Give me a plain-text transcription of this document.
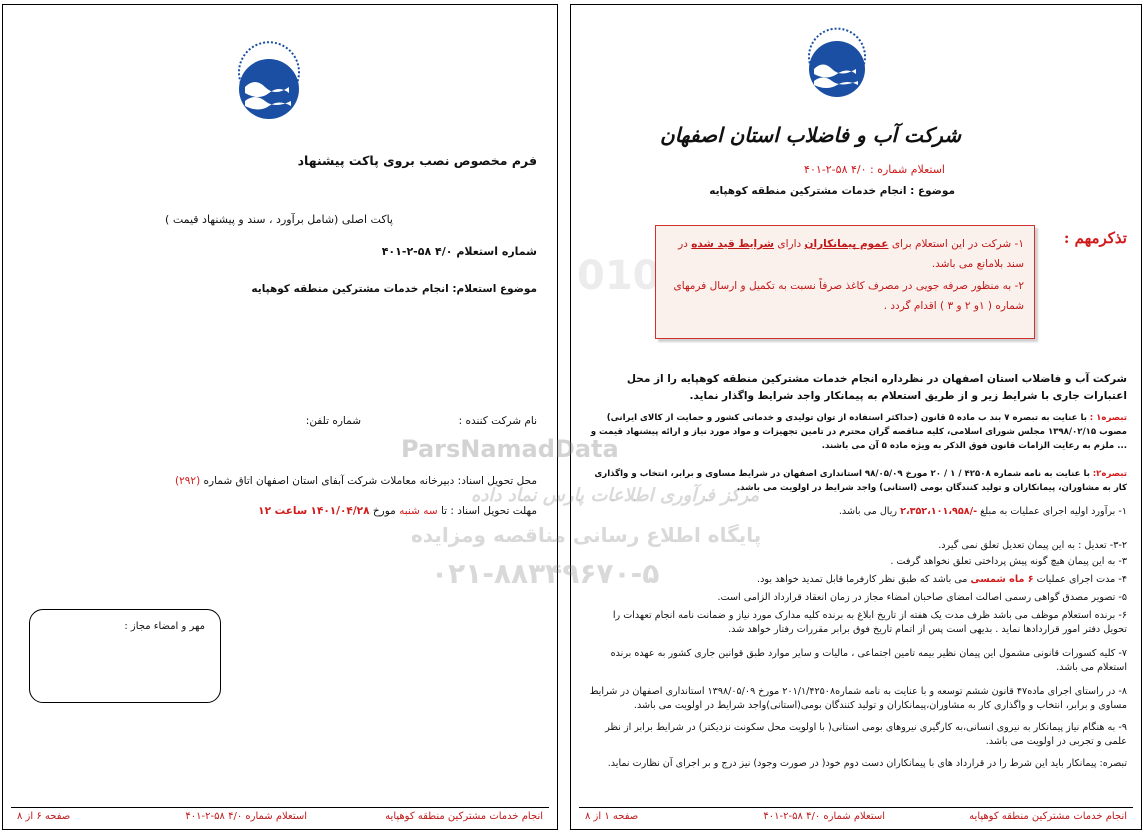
فرم مخصوص نصب بروی پاکت پیشنهاد
پاکت اصلی (شامل برآورد ، سند و پیشنهاد قیمت )
شماره استعلام ۴/۰ ۵۸-۲-۴۰۱
موضوع استعلام: انجام خدمات مشترکین منطقه کوهپایه
نام شرکت کننده :
شماره تلفن:
محل تحویل اسناد: دبیرخانه معاملات شرکت آبفای استان اصفهان اتاق شماره (۲۹۲)
مهلت تحویل اسناد : تا سه شنبه مورخ ۱۴۰۱/۰۴/۲۸ ساعت ۱۲
مهر و امضاء مجاز :
انجام خدمات مشترکین منطقه کوهپایه
استعلام شماره ۴/۰ ۵۸-۲-۴۰۱
صفحه ۶ از ۸
شرکت آب و فاضلاب استان اصفهان
استعلام شماره : ۴/۰ ۵۸-۲-۴۰۱
موضوع : انجام خدمات مشترکین منطقه کوهپایه
ParsNamadData
مرکز فرآوری اطلاعات پارس نماد داده
پایگاه اطلاع رسانی مناقصه ومزایده
۰۲۱-۸۸۳۴۹۶۷۰-۵
تذکرمهم :
۱- شرکت در این استعلام برای عموم پیمانکاران دارای شرایط قید شده در سند بلامانع می باشد.
۲- به منظور صرفه جویی در مصرف کاغذ صرفاً نسبت به تکمیل و ارسال فرمهای شماره ( ۱و ۲ و ۳ ) اقدام گردد .
شرکت آب و فاضلاب استان اصفهان در نظرداره انجام خدمات مشترکین منطقه کوهپایه را از محل اعتبارات جاری با شرایط زیر و از طریق استعلام به پیمانکار واجد شرایط واگذار نماید.
تبصره۱ : با عنایت به تبصره ۷ بند ب ماده ۵ قانون (حداکثر استفاده از توان تولیدی و خدماتی کشور و حمایت از کالای ایرانی) مصوب ۱۳۹۸/۰۲/۱۵ مجلس شورای اسلامی، کلیه مناقصه گران محترم در تامین تجهیزات و مواد مورد نیاز و ارائه پیشنهاد قیمت و ... ملزم به رعایت الزامات قانون فوق الذکر به ویژه ماده ۵ آن می باشند.
تبصره۲: با عنایت به نامه شماره ۴۲۵۰۸ / ۱ / ۲۰ مورخ ۹۸/۰۵/۰۹ استانداری اصفهان در شرایط مساوی و برابر، انتخاب و واگذاری کار به مشاوران، پیمانکاران و تولید کنندگان بومی (استانی) واجد شرایط در اولویت می باشد.
۱- برآورد اولیه اجرای عملیات به مبلغ -/۲،۳۵۲،۱۰۱،۹۵۸ ریال می باشد.
۳-۲- تعدیل : به این پیمان تعدیل تعلق نمی گیرد.
۳- به این پیمان هیچ گونه پیش پرداختی تعلق نخواهد گرفت .
۴- مدت اجرای عملیات ۶ ماه شمسی می باشد که طبق نظر کارفرما قابل تمدید خواهد بود.
۵- تصویر مصدق گواهی رسمی اصالت امضای صاحبان امضاء مجاز در زمان انعقاد قرارداد الزامی است.
۶- برنده استعلام موظف می باشد ظرف مدت یک هفته از تاریخ ابلاغ به برنده کلیه مدارک مورد نیاز و ضمانت نامه انجام تعهدات را تحویل دفتر امور قراردادها نماید . بدیهی است پس از اتمام تاریخ فوق برابر مقررات رفتار خواهد شد.
۷- کلیه کسورات قانونی مشمول این پیمان نظیر بیمه تامین اجتماعی ، مالیات و سایر موارد طبق قوانین جاری کشور به عهده برنده استعلام می باشد.
۸- در راستای اجرای ماده۴۷ قانون ششم توسعه و با عنایت به نامه شماره۲۰۱/۱/۴۲۵۰۸ مورخ ۱۳۹۸/۰۵/۰۹ استانداری اصفهان در شرایط مساوی و برابر، انتخاب و واگذاری کار به مشاوران،پیمانکاران و تولید کنندگان بومی(استانی)واجد شرایط در اولویت می باشد.
۹- به هنگام نیاز پیمانکار به نیروی انسانی،به کارگیری نیروهای بومی استانی( با اولویت محل سکونت نزدیکتر) در شرایط برابر از نظر علمی و تجربی در اولویت می باشد.
تبصره: پیمانکار باید این شرط را در قرارداد های با پیمانکاران دست دوم خود( در صورت وجود) نیز درج و بر اجرای آن نظارت نماید.
انجام خدمات مشترکین منطقه کوهپایه
استعلام شماره ۴/۰ ۵۸-۲-۴۰۱
صفحه ۱ از ۸
